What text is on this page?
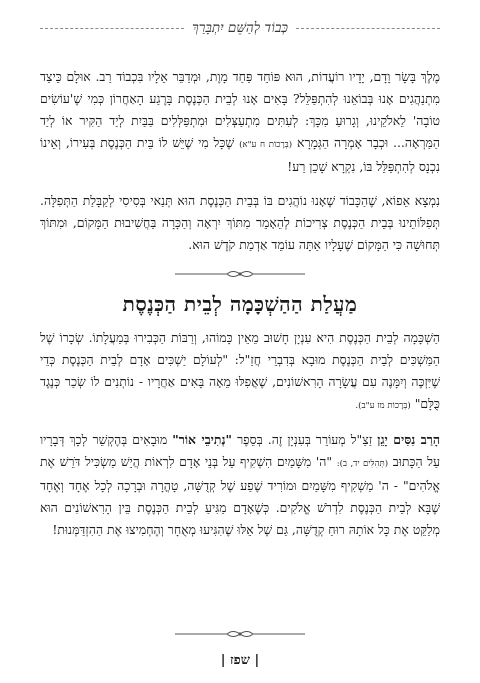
כְּבוֹד לְהַשֵּׁם יִתְבָּרַךְ

מֶלֶךְ בָּשָׂר וָדָם, יָדָיו רוֹעֲדוֹת, הוּא פּוֹחֵד פַּחַד מָוֶת, וּמְדַבֵּר אֵלָיו בִּכְבוֹד רַב. אוּלָם כֵּיצַד מִתְנַהֲגִים אָנוּ בְּבוֹאֵנוּ לְהִתְפַּלֵּל? בָּאִים אָנוּ לְבֵית הַכְּנֶסֶת בָּרֶגַע הָאַחֲרוֹן כְּמִי שֶׁ'עוֹשִׂים טוֹבָה' לֵאלֹקֵינוּ, וְגָרוּעַ מִכָּךְ: לְעִתִּים מִתְעַצְּלִים וּמִתְפַּלְּלִים בַּבַּיִת לְיַד הַקִּיר אוֹ לְיַד הַמַּרְאָה... וּכְבָר אָמְרָה הַגְּמָרָא (בְּרָכוֹת ח ע"א) שֶׁכָּל מִי שֶׁיֵּשׁ לוֹ בֵּית הַכְּנֶסֶת בְּעִירוֹ, וְאֵינוֹ נִכְנָס לְהִתְפַּלֵּל בּוֹ, נִקְרָא שָׁכֵן רַע!

נִמְצָא אֵפוֹא, שֶׁהַכָּבוֹד שֶׁאָנוּ נוֹהֲגִים בּוֹ בְּבֵית הַכְּנֶסֶת הוּא תְּנַאי בְּסִיסִי לְקַבָּלַת הַתְּפִלָּה. תְּפִלּוֹתֵינוּ בְּבֵית הַכְּנֶסֶת צְרִיכוֹת לְהֵאָמֵר מִתּוֹךְ יִרְאָה וְהַכָּרָה בַּחֲשִׁיבוּת הַמָּקוֹם, וּמִתּוֹךְ תְּחוּשָׁה כִּי הַמָּקוֹם שֶׁעָלָיו אַתָּה עוֹמֵד אַדְמַת קֹדֶשׁ הוּא.

מַעֲלַת הַהַשְׁכָּמָה לְבֵית הַכְּנֶסֶת

הַשְׁכָּמָה לְבֵית הַכְּנֶסֶת הִיא עִנְיָן חָשׁוּב מֵאֵין כָּמוֹהוּ, וְרַבּוֹת הַכְּבִירוּ בְּמַעֲלָתוֹ. שְׂכָרוֹ שֶׁל הַמַּשְׁכִּים לְבֵית הַכְּנֶסֶת מוּבָא בְּדִבְרֵי חֲזַ"ל: "לְעוֹלָם יַשְׁכִּים אָדָם לְבֵית הַכְּנֶסֶת כְּדֵי שֶׁיִּזְכֶּה וְיִמָּנֶה עִם עֲשָׂרָה הָרִאשׁוֹנִים, שֶׁאֲפִלּוּ מֵאָה בָּאִים אַחֲרָיו - נוֹתְנִים לוֹ שְׂכַר כְּנֶגֶד כֻּלָּם" (בְּרָכוֹת מז ע"ב).

הָרַב נִסִּים יָגֵן זַצַ"ל מְעוֹרֵר בְּעִנְיָן זֶה. בְּסֵפֶר "נְתִיבֵי אוֹר" מוּבָאִים בְּהֶקְשֵׁר לְכָךְ דְּבָרָיו עַל הַכָּתוּב (תְּהִלִּים יד, ב): "ה' מִשָּׁמַיִם הִשְׁקִיף עַל בְּנֵי אָדָם לִרְאוֹת הֲיֵשׁ מַשְׂכִּיל דֹּרֵשׁ אֶת אֱלֹהִים" - ה' מַשְׁקִיף מִשָּׁמַיִם וּמוֹרִיד שֶׁפַע שֶׁל קְדֻשָּׁה, טָהֳרָה וּבְרָכָה לְכָל אֶחָד וְאֶחָד שֶׁבָּא לְבֵית הַכְּנֶסֶת לִדְרֹשׁ אֱלֹקִים. כְּשֶׁאָדָם מַגִּיעַ לְבֵית הַכְּנֶסֶת בֵּין הָרִאשׁוֹנִים הוּא מְלַקֵּט אֶת כָּל אוֹתָהּ רוּחַ קְדֻשָּׁה, גַּם שֶׁל אֵלּוּ שֶׁהִגִּיעוּ מְאֻחָר וְהֶחְמִיצוּ אֶת הַהִזְדַּמְּנוּת!

| שפז |
